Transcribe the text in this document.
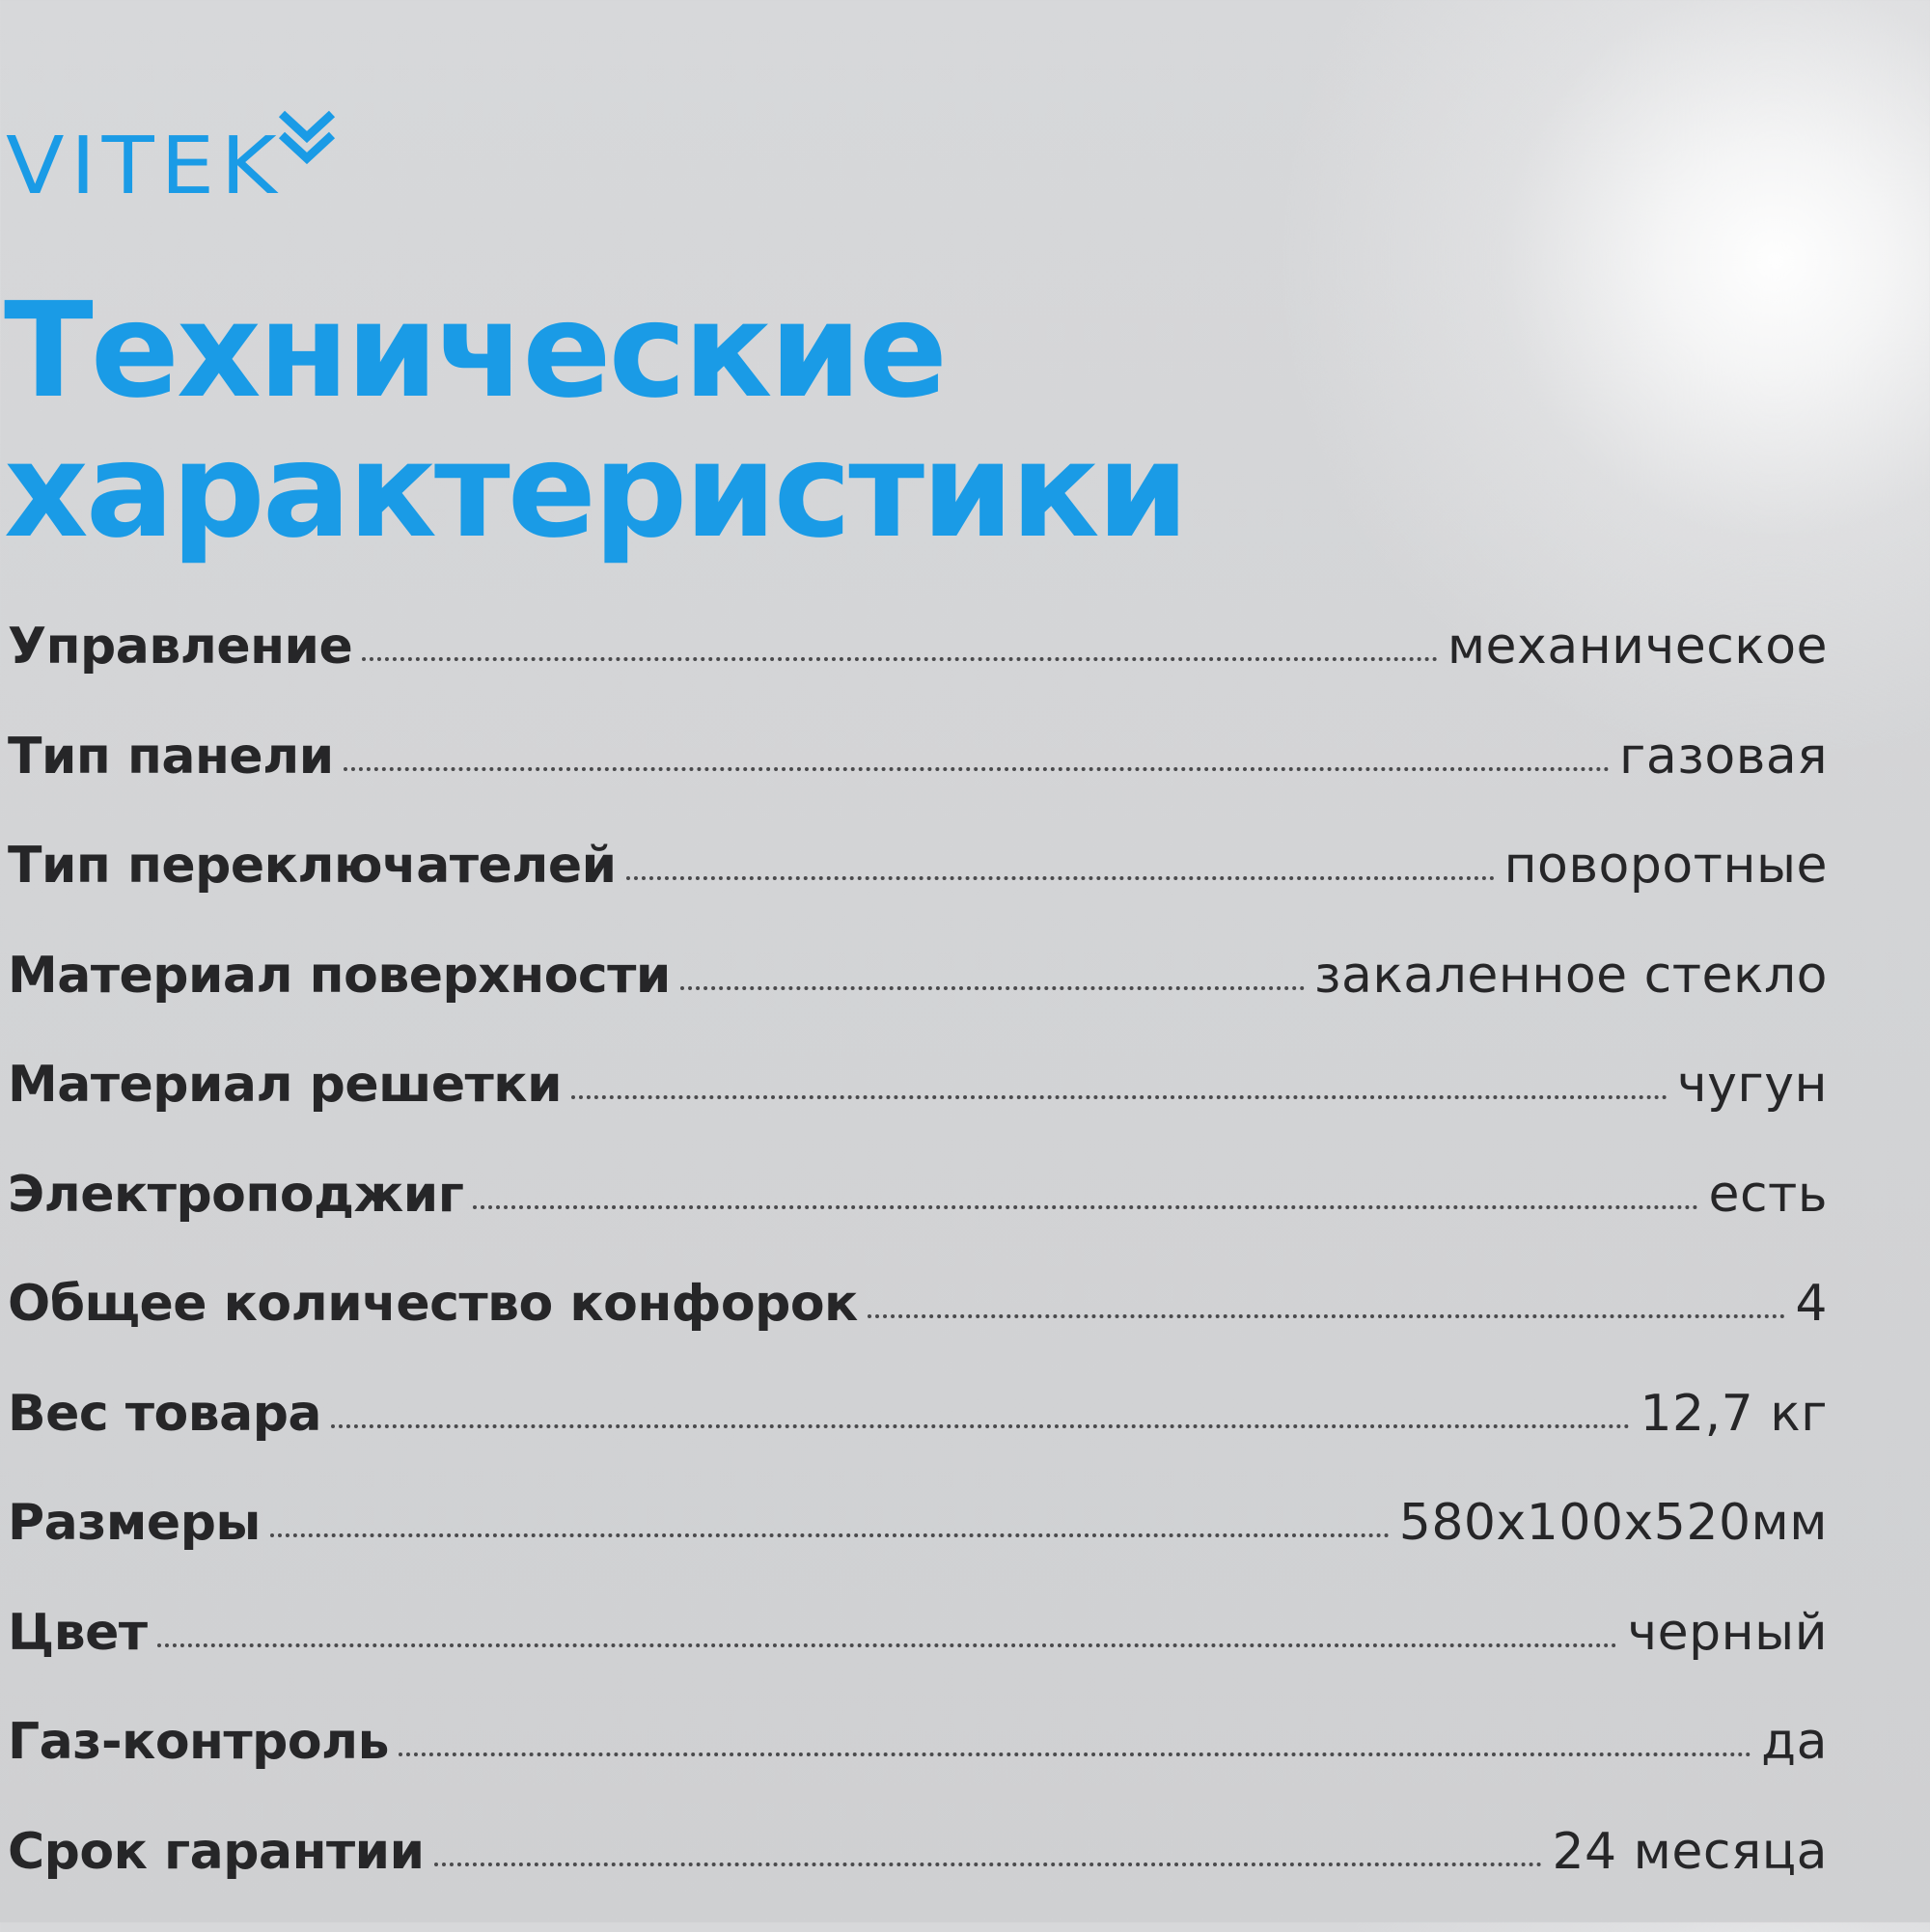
VITEK
Технические
характеристики
Управление	механическое
Тип панели	газовая
Тип переключателей	поворотные
Материал поверхности	закаленное стекло
Материал решетки	чугун
Электроподжиг	есть
Общее количество конфорок	4
Вес товара	12,7 кг
Размеры	580x100x520мм
Цвет	черный
Газ-контроль	да
Срок гарантии	24 месяца
